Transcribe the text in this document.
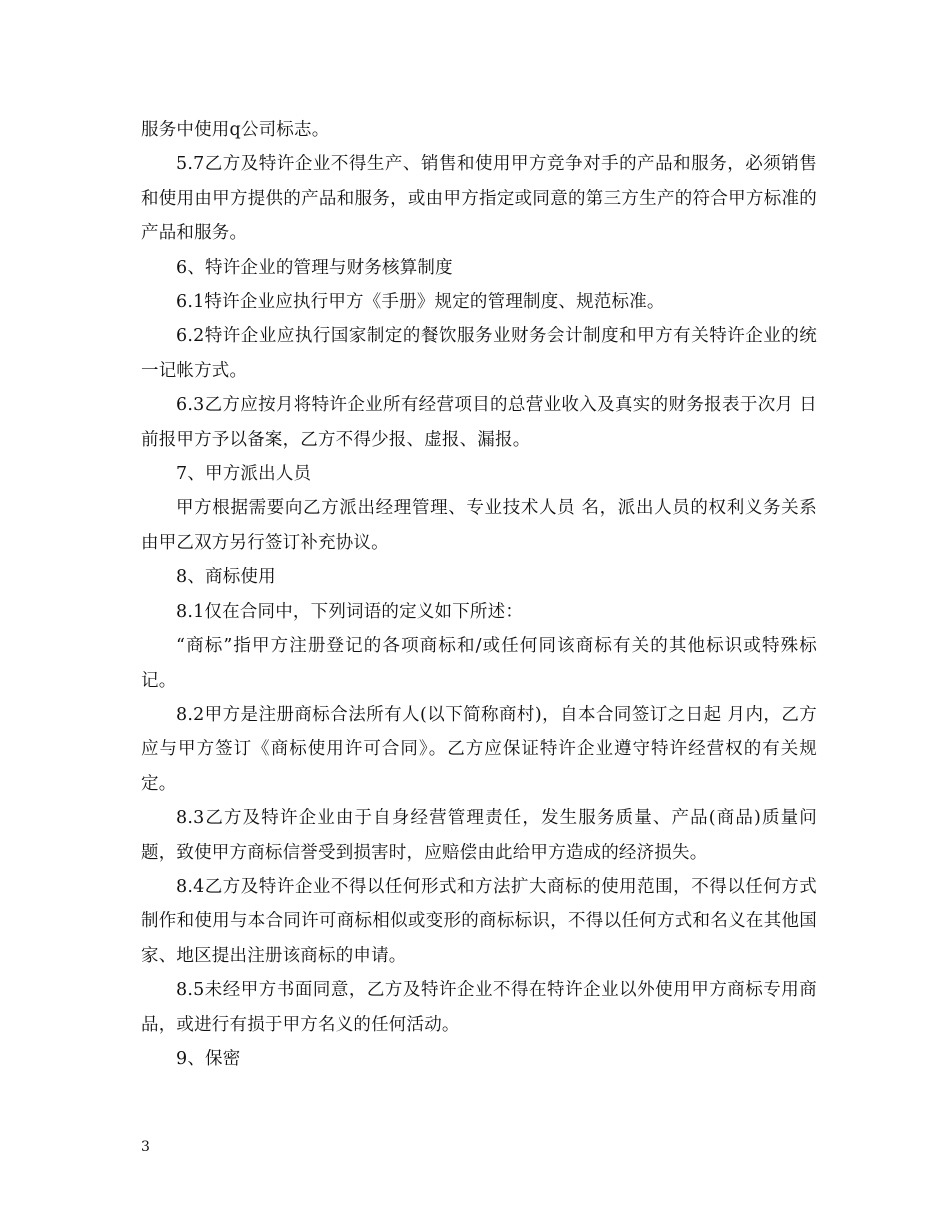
服务中使用q公司标志。

5.7乙方及特许企业不得生产、销售和使用甲方竞争对手的产品和服务，必须销售和使用由甲方提供的产品和服务，或由甲方指定或同意的第三方生产的符合甲方标准的产品和服务。

6、特许企业的管理与财务核算制度

6.1特许企业应执行甲方《手册》规定的管理制度、规范标准。

6.2特许企业应执行国家制定的餐饮服务业财务会计制度和甲方有关特许企业的统一记帐方式。

6.3乙方应按月将特许企业所有经营项目的总营业收入及真实的财务报表于次月 日前报甲方予以备案，乙方不得少报、虚报、漏报。

7、甲方派出人员

甲方根据需要向乙方派出经理管理、专业技术人员 名，派出人员的权利义务关系由甲乙双方另行签订补充协议。

8、商标使用

8.1仅在合同中，下列词语的定义如下所述：

“商标”指甲方注册登记的各项商标和/或任何同该商标有关的其他标识或特殊标记。

8.2甲方是注册商标合法所有人(以下简称商村)，自本合同签订之日起 月内，乙方应与甲方签订《商标使用许可合同》。乙方应保证特许企业遵守特许经营权的有关规定。

8.3乙方及特许企业由于自身经营管理责任，发生服务质量、产品(商品)质量问题，致使甲方商标信誉受到损害时，应赔偿由此给甲方造成的经济损失。

8.4乙方及特许企业不得以任何形式和方法扩大商标的使用范围，不得以任何方式制作和使用与本合同许可商标相似或变形的商标标识，不得以任何方式和名义在其他国家、地区提出注册该商标的申请。

8.5未经甲方书面同意，乙方及特许企业不得在特许企业以外使用甲方商标专用商品，或进行有损于甲方名义的任何活动。

9、保密

3
